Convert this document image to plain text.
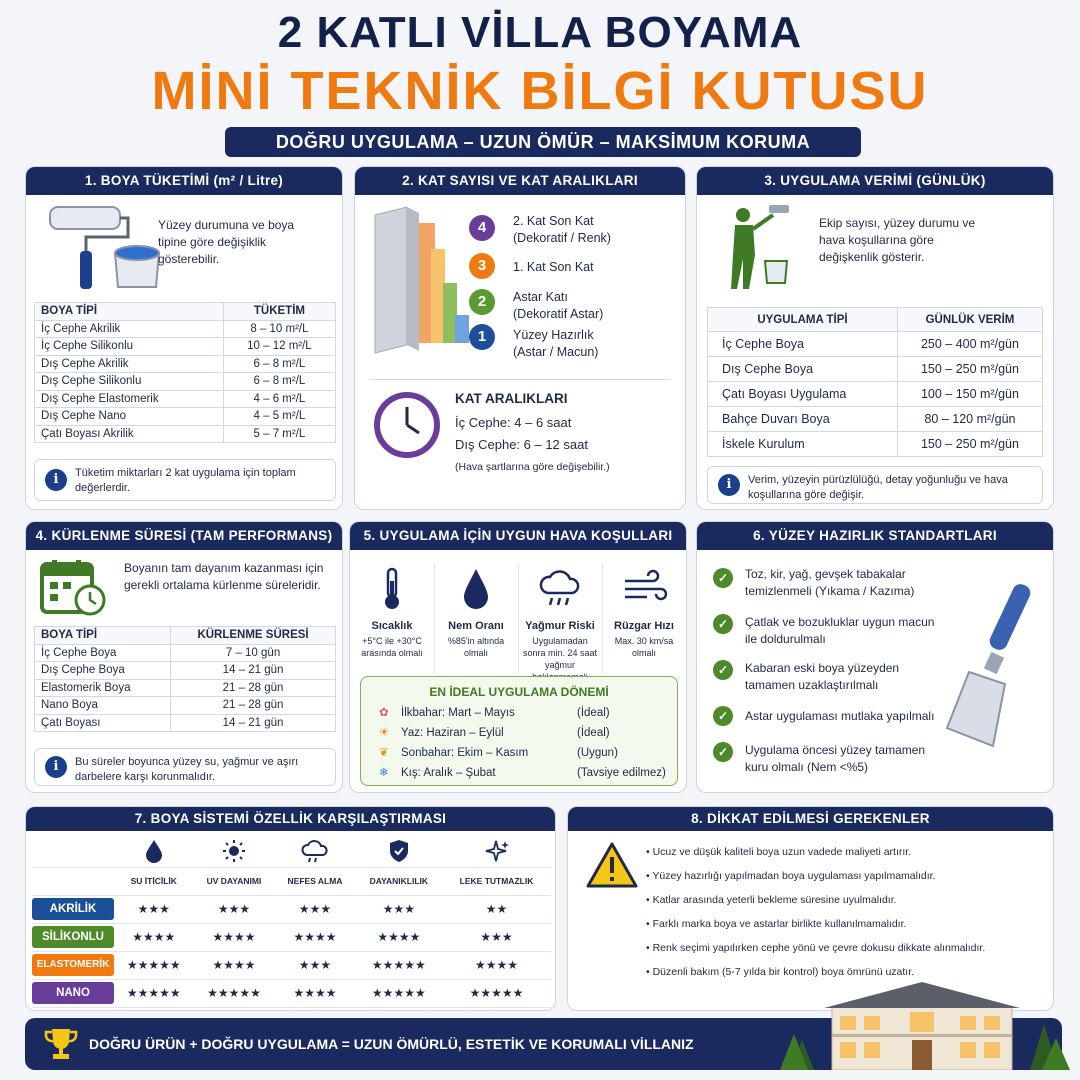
2 KATLI VİLLA BOYAMA
MİNİ TEKNİK BİLGİ KUTUSU
DOĞRU UYGULAMA – UZUN ÖMÜR – MAKSİMUM KORUMA
1. BOYA TÜKETİMİ (m² / Litre)
Yüzey durumuna ve boya tipine göre değişiklik gösterebilir.
BOYA TİPİ	TÜKETİM
İç Cephe Akrilik	8 – 10 m²/L
İç Cephe Silikonlu	10 – 12 m²/L
Dış Cephe Akrilik	6 – 8 m²/L
Dış Cephe Silikonlu	6 – 8 m²/L
Dış Cephe Elastomerik	4 – 6 m²/L
Dış Cephe Nano	4 – 5 m²/L
Çatı Boyası Akrilik	5 – 7 m²/L
i	Tüketim miktarları 2 kat uygulama için toplam değerlerdir.
2. KAT SAYISI VE KAT ARALIKLARI
4	2. Kat Son Kat
(Dekoratif / Renk)
3	1. Kat Son Kat
2	Astar Katı
(Dekoratif Astar)
1	Yüzey Hazırlık
(Astar / Macun)
KAT ARALIKLARI
İç Cephe: 4 – 6 saat
Dış Cephe: 6 – 12 saat
(Hava şartlarına göre değişebilir.)
3. UYGULAMA VERİMİ (GÜNLÜK)
Ekip sayısı, yüzey durumu ve hava koşullarına göre değişkenlik gösterir.
UYGULAMA TİPİ	GÜNLÜK VERİM
İç Cephe Boya	250 – 400 m²/gün
Dış Cephe Boya	150 – 250 m²/gün
Çatı Boyası Uygulama	100 – 150 m²/gün
Bahçe Duvarı Boya	80 – 120 m²/gün
İskele Kurulum	150 – 250 m²/gün
i	Verim, yüzeyin pürüzlülüğü, detay yoğunluğu ve hava koşullarına göre değişir.
4. KÜRLENME SÜRESİ (TAM PERFORMANS)
Boyanın tam dayanım kazanması için gerekli ortalama kürlenme süreleridir.
BOYA TİPİ	KÜRLENME SÜRESİ
İç Cephe Boya	7 – 10 gün
Dış Cephe Boya	14 – 21 gün
Elastomerik Boya	21 – 28 gün
Nano Boya	21 – 28 gün
Çatı Boyası	14 – 21 gün
i	Bu süreler boyunca yüzey su, yağmur ve aşırı darbelere karşı korunmalıdır.
5. UYGULAMA İÇİN UYGUN HAVA KOŞULLARI
Sıcaklık
+5°C ile +30°C arasında olmalı
Nem Oranı
%85'in altında olmalı
Yağmur Riski
Uygulamadan sonra min. 24 saat yağmur
Rüzgar Hızı
Max. 30 km/sa olmalı
EN İDEAL UYGULAMA DÖNEMİ
✿ İlkbahar: Mart – Mayıs	(İdeal)
☀ Yaz: Haziran – Eylül	(İdeal)
❦ Sonbahar: Ekim – Kasım	(Uygun)
❄ Kış: Aralık – Şubat	(Tavsiye edilmez)
6. YÜZEY HAZIRLIK STANDARTLARI
✓	Toz, kir, yağ, gevşek tabakalar temizlenmeli (Yıkama / Kazıma)
✓	Çatlak ve bozukluklar uygun macun ile doldurulmalı
✓	Kabaran eski boya yüzeyden tamamen uzaklaştırılmalı
✓	Astar uygulaması mutlaka yapılmalı
✓	Uygulama öncesi yüzey tamamen kuru olmalı (Nem <%5)
7. BOYA SİSTEMİ ÖZELLİK KARŞILAŞTIRMASI

	SU İTİCİLİK	UV DAYANIMI	NEFES ALMA	DAYANIKLILIK	LEKE TUTMAZLIK
AKRİLİK	★★★	★★★	★★★	★★★	★★
SİLİKONLU	★★★★	★★★★	★★★★	★★★★	★★★
ELASTOMERİK	★★★★★	★★★★	★★★	★★★★★	★★★★
NANO	★★★★★	★★★★★	★★★★	★★★★★	★★★★★
8. DİKKAT EDİLMESİ GEREKENLER
• Ucuz ve düşük kaliteli boya uzun vadede maliyeti artırır.
• Yüzey hazırlığı yapılmadan boya uygulaması yapılmamalıdır.
• Katlar arasında yeterli bekleme süresine uyulmalıdır.
• Farklı marka boya ve astarlar birlikte kullanılmamalıdır.
• Renk seçimi yapılırken cephe yönü ve çevre dokusu dikkate alınmalıdır.
• Düzenli bakım (5-7 yılda bir kontrol) boya ömrünü uzatır.
DOĞRU ÜRÜN + DOĞRU UYGULAMA = UZUN ÖMÜRLÜ, ESTETİK VE KORUMALI VİLLANIZ
